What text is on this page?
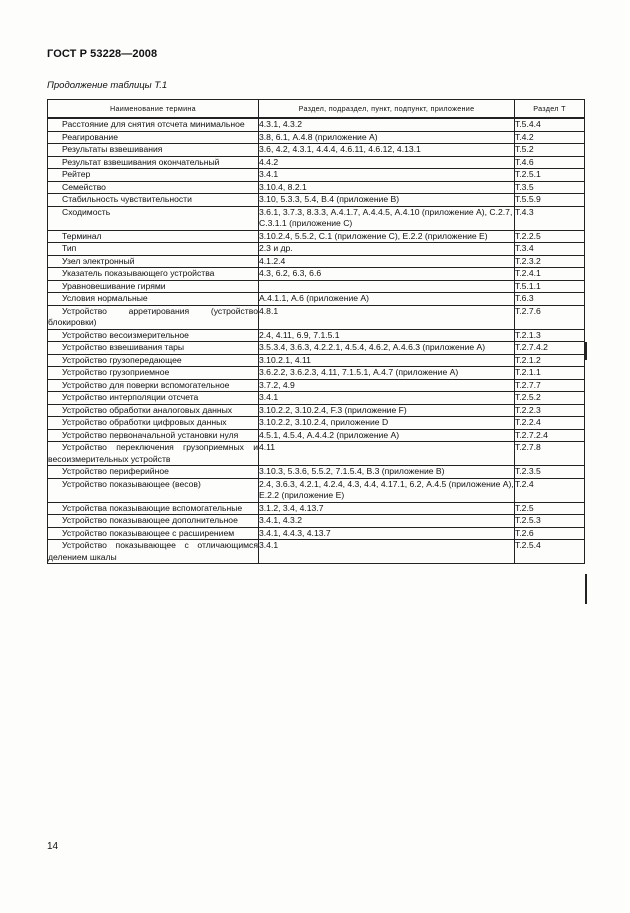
ГОСТ Р 53228—2008
Продолжение таблицы Т.1
Наименование термина	Раздел, подраздел, пункт, подпункт, приложение	Раздел Т
Расстояние для снятия отсчета минимальное	4.3.1, 4.3.2	Т.5.4.4
Реагирование	3.8, 6.1, А.4.8 (приложение А)	Т.4.2
Результаты взвешивания	3.6, 4.2, 4.3.1, 4.4.4, 4.6.11, 4.6.12, 4.13.1	Т.5.2
Результат взвешивания окончательный	4.4.2	Т.4.6
Рейтер	3.4.1	Т.2.5.1
Семейство	3.10.4, 8.2.1	Т.3.5
Стабильность чувствительности	3.10, 5.3.3, 5.4, В.4 (приложение В)	Т.5.5.9
Сходимость	3.6.1, 3.7.3, 8.3.3, А.4.1.7, А.4.4.5, А.4.10 (приложение А), С.2.7, С.3.1.1 (приложение С)	Т.4.3
Терминал	3.10.2.4, 5.5.2, С.1 (приложение С), Е.2.2 (приложение Е)	Т.2.2.5
Тип	2.3 и др.	Т.3.4
Узел электронный	4.1.2.4	Т.2.3.2
Указатель показывающего устройства	4.3, 6.2, 6.3, 6.6	Т.2.4.1
Уравновешивание гирями		Т.5.1.1
Условия нормальные	А.4.1.1, А.6 (приложение А)	Т.6.3
Устройство арретирования (устройство блокировки)	4.8.1	Т.2.7.6
Устройство весоизмерительное	2.4, 4.11, 6.9, 7.1.5.1	Т.2.1.3
Устройство взвешивания тары	3.5.3.4, 3.6.3, 4.2.2.1, 4.5.4, 4.6.2, А.4.6.3 (приложение А)	Т.2.7.4.2
Устройство грузопередающее	3.10.2.1, 4.11	Т.2.1.2
Устройство грузоприемное	3.6.2.2, 3.6.2.3, 4.11, 7.1.5.1, А.4.7 (приложение А)	Т.2.1.1
Устройство для поверки вспомогательное	3.7.2, 4.9	Т.2.7.7
Устройство интерполяции отсчета	3.4.1	Т.2.5.2
Устройство обработки аналоговых данных	3.10.2.2, 3.10.2.4, F.3 (приложение F)	Т.2.2.3
Устройство обработки цифровых данных	3.10.2.2, 3.10.2.4, приложение D	Т.2.2.4
Устройство первоначальной установки нуля	4.5.1, 4.5.4, А.4.4.2 (приложение А)	Т.2.7.2.4
Устройство переключения грузоприемных и весоизмерительных устройств	4.11	Т.2.7.8
Устройство периферийное	3.10.3, 5.3.6, 5.5.2, 7.1.5.4, В.3 (приложение В)	Т.2.3.5
Устройство показывающее (весов)	2.4, 3.6.3, 4.2.1, 4.2.4, 4.3, 4.4, 4.17.1, 6.2, А.4.5 (приложение А), Е.2.2 (приложение Е)	Т.2.4
Устройства показывающие вспомогательные	3.1.2, 3.4, 4.13.7	Т.2.5
Устройство показывающее дополнительное	3.4.1, 4.3.2	Т.2.5.3
Устройство показывающее с расширением	3.4.1, 4.4.3, 4.13.7	Т.2.6
Устройство показывающее с отличающимся делением шкалы	3.4.1	Т.2.5.4
14
